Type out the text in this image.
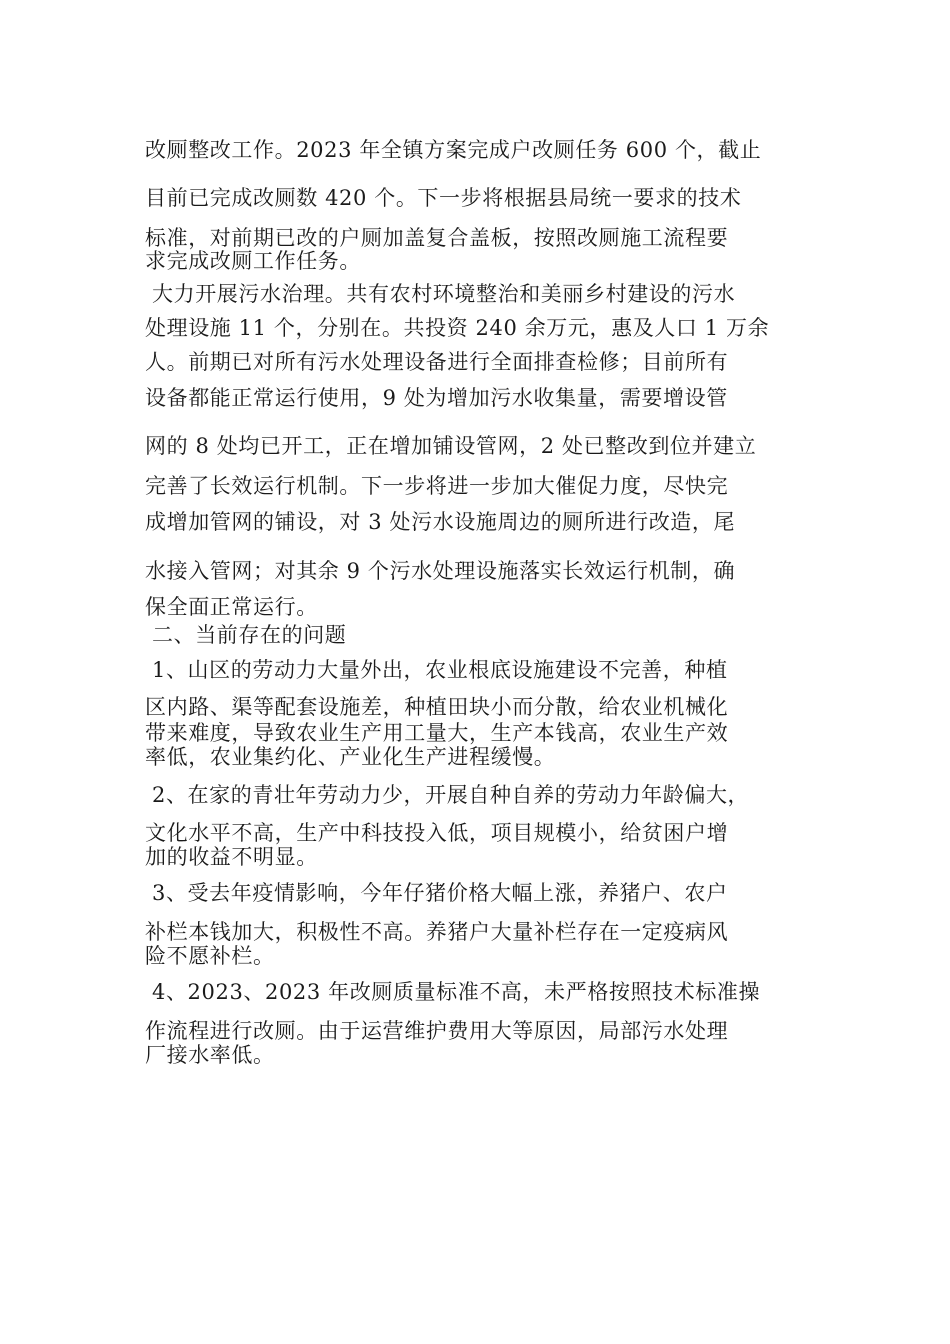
改厕整改工作。2023 年全镇方案完成户改厕任务 600 个，截止
目前已完成改厕数 420 个。下一步将根据县局统一要求的技术
标准，对前期已改的户厕加盖复合盖板，按照改厕施工流程要
求完成改厕工作任务。
大力开展污水治理。共有农村环境整治和美丽乡村建设的污水
处理设施 11 个，分别在。共投资 240 余万元，惠及人口 1 万余
人。前期已对所有污水处理设备进行全面排查检修；目前所有
设备都能正常运行使用，9 处为增加污水收集量，需要增设管
网的 8 处均已开工，正在增加铺设管网，2 处已整改到位并建立
完善了长效运行机制。下一步将进一步加大催促力度，尽快完
成增加管网的铺设，对 3 处污水设施周边的厕所进行改造，尾
水接入管网；对其余 9 个污水处理设施落实长效运行机制，确
保全面正常运行。
二、当前存在的问题
1、山区的劳动力大量外出，农业根底设施建设不完善，种植
区内路、渠等配套设施差，种植田块小而分散，给农业机械化
带来难度，导致农业生产用工量大，生产本钱高，农业生产效
率低，农业集约化、产业化生产进程缓慢。
2、在家的青壮年劳动力少，开展自种自养的劳动力年龄偏大，
文化水平不高，生产中科技投入低，项目规模小，给贫困户增
加的收益不明显。
3、受去年疫情影响，今年仔猪价格大幅上涨，养猪户、农户
补栏本钱加大，积极性不高。养猪户大量补栏存在一定疫病风
险不愿补栏。
4、2023、2023 年改厕质量标准不高，未严格按照技术标准操
作流程进行改厕。由于运营维护费用大等原因，局部污水处理
厂接水率低。
